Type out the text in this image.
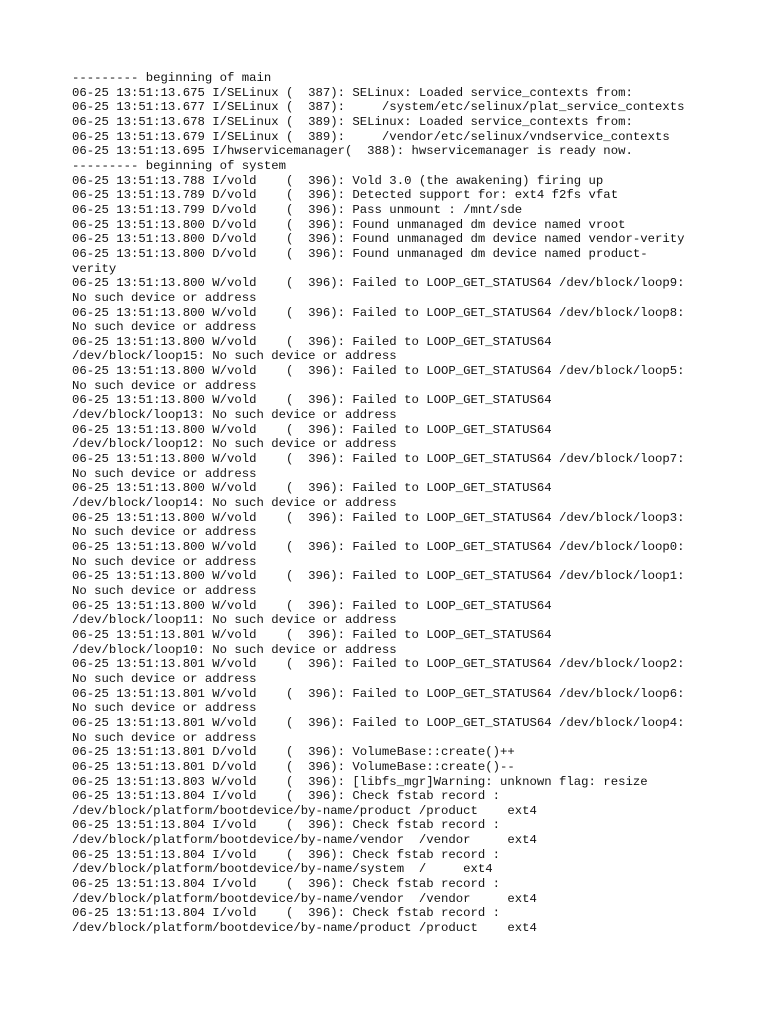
--------- beginning of main
06-25 13:51:13.675 I/SELinux (  387): SELinux: Loaded service_contexts from:
06-25 13:51:13.677 I/SELinux (  387):     /system/etc/selinux/plat_service_contexts
06-25 13:51:13.678 I/SELinux (  389): SELinux: Loaded service_contexts from:
06-25 13:51:13.679 I/SELinux (  389):     /vendor/etc/selinux/vndservice_contexts
06-25 13:51:13.695 I/hwservicemanager(  388): hwservicemanager is ready now.
--------- beginning of system
06-25 13:51:13.788 I/vold    (  396): Vold 3.0 (the awakening) firing up
06-25 13:51:13.789 D/vold    (  396): Detected support for: ext4 f2fs vfat
06-25 13:51:13.799 D/vold    (  396): Pass unmount : /mnt/sde
06-25 13:51:13.800 D/vold    (  396): Found unmanaged dm device named vroot
06-25 13:51:13.800 D/vold    (  396): Found unmanaged dm device named vendor-verity
06-25 13:51:13.800 D/vold    (  396): Found unmanaged dm device named product-
verity
06-25 13:51:13.800 W/vold    (  396): Failed to LOOP_GET_STATUS64 /dev/block/loop9:
No such device or address
06-25 13:51:13.800 W/vold    (  396): Failed to LOOP_GET_STATUS64 /dev/block/loop8:
No such device or address
06-25 13:51:13.800 W/vold    (  396): Failed to LOOP_GET_STATUS64
/dev/block/loop15: No such device or address
06-25 13:51:13.800 W/vold    (  396): Failed to LOOP_GET_STATUS64 /dev/block/loop5:
No such device or address
06-25 13:51:13.800 W/vold    (  396): Failed to LOOP_GET_STATUS64
/dev/block/loop13: No such device or address
06-25 13:51:13.800 W/vold    (  396): Failed to LOOP_GET_STATUS64
/dev/block/loop12: No such device or address
06-25 13:51:13.800 W/vold    (  396): Failed to LOOP_GET_STATUS64 /dev/block/loop7:
No such device or address
06-25 13:51:13.800 W/vold    (  396): Failed to LOOP_GET_STATUS64
/dev/block/loop14: No such device or address
06-25 13:51:13.800 W/vold    (  396): Failed to LOOP_GET_STATUS64 /dev/block/loop3:
No such device or address
06-25 13:51:13.800 W/vold    (  396): Failed to LOOP_GET_STATUS64 /dev/block/loop0:
No such device or address
06-25 13:51:13.800 W/vold    (  396): Failed to LOOP_GET_STATUS64 /dev/block/loop1:
No such device or address
06-25 13:51:13.800 W/vold    (  396): Failed to LOOP_GET_STATUS64
/dev/block/loop11: No such device or address
06-25 13:51:13.801 W/vold    (  396): Failed to LOOP_GET_STATUS64
/dev/block/loop10: No such device or address
06-25 13:51:13.801 W/vold    (  396): Failed to LOOP_GET_STATUS64 /dev/block/loop2:
No such device or address
06-25 13:51:13.801 W/vold    (  396): Failed to LOOP_GET_STATUS64 /dev/block/loop6:
No such device or address
06-25 13:51:13.801 W/vold    (  396): Failed to LOOP_GET_STATUS64 /dev/block/loop4:
No such device or address
06-25 13:51:13.801 D/vold    (  396): VolumeBase::create()++
06-25 13:51:13.801 D/vold    (  396): VolumeBase::create()--
06-25 13:51:13.803 W/vold    (  396): [libfs_mgr]Warning: unknown flag: resize
06-25 13:51:13.804 I/vold    (  396): Check fstab record :
/dev/block/platform/bootdevice/by-name/product /product    ext4
06-25 13:51:13.804 I/vold    (  396): Check fstab record :
/dev/block/platform/bootdevice/by-name/vendor  /vendor     ext4
06-25 13:51:13.804 I/vold    (  396): Check fstab record :
/dev/block/platform/bootdevice/by-name/system  /     ext4
06-25 13:51:13.804 I/vold    (  396): Check fstab record :
/dev/block/platform/bootdevice/by-name/vendor  /vendor     ext4
06-25 13:51:13.804 I/vold    (  396): Check fstab record :
/dev/block/platform/bootdevice/by-name/product /product    ext4
